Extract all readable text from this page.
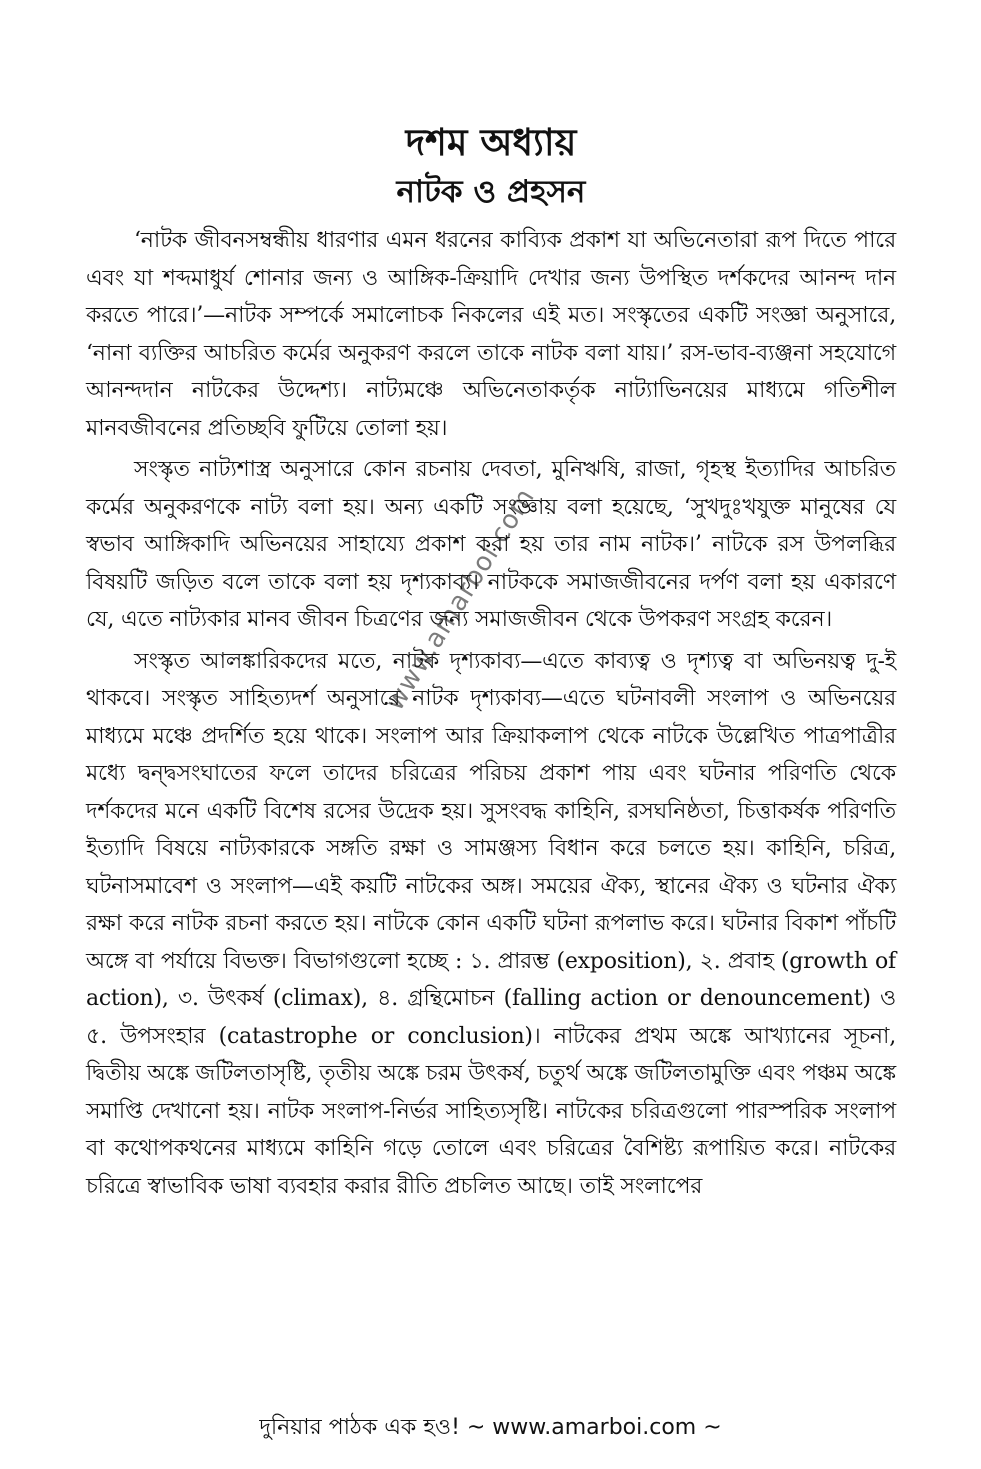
দশম অধ্যায়
নাটক ও প্রহসন

‘নাটক জীবনসম্বন্ধীয় ধারণার এমন ধরনের কাব্যিক প্রকাশ যা অভিনেতারা রূপ দিতে পারে এবং যা শব্দমাধুর্য শোনার জন্য ও আঙ্গিক-ক্রিয়াদি দেখার জন্য উপস্থিত দর্শকদের আনন্দ দান করতে পারে।’—নাটক সম্পর্কে সমালোচক নিকলের এই মত। সংস্কৃতের একটি সংজ্ঞা অনুসারে, ‘নানা ব্যক্তির আচরিত কর্মের অনুকরণ করলে তাকে নাটক বলা যায়।’ রস-ভাব-ব্যঞ্জনা সহযোগে আনন্দদান নাটকের উদ্দেশ্য। নাট্যমঞ্চে অভিনেতাকর্তৃক নাট্যাভিনয়ের মাধ্যমে গতিশীল মানবজীবনের প্রতিচ্ছবি ফুটিয়ে তোলা হয়।

সংস্কৃত নাট্যশাস্ত্র অনুসারে কোন রচনায় দেবতা, মুনিঋষি, রাজা, গৃহস্থ ইত্যাদির আচরিত কর্মের অনুকরণকে নাট্য বলা হয়। অন্য একটি সংজ্ঞায় বলা হয়েছে, ‘সুখদুঃখযুক্ত মানুষের যে স্বভাব আঙ্গিকাদি অভিনয়ের সাহায্যে প্রকাশ করা হয় তার নাম নাটক।’ নাটকে রস উপলব্ধির বিষয়টি জড়িত বলে তাকে বলা হয় দৃশ্যকাব্য। নাটককে সমাজজীবনের দর্পণ বলা হয় একারণে যে, এতে নাট্যকার মানব জীবন চিত্রণের জন্য সমাজজীবন থেকে উপকরণ সংগ্রহ করেন।

সংস্কৃত আলঙ্কারিকদের মতে, নাটক দৃশ্যকাব্য—এতে কাব্যত্ব ও দৃশ্যত্ব বা অভিনয়ত্ব দু-ই থাকবে। সংস্কৃত সাহিত্যদর্শ অনুসারে নাটক দৃশ্যকাব্য—এতে ঘটনাবলী সংলাপ ও অভিনয়ের মাধ্যমে মঞ্চে প্রদর্শিত হয়ে থাকে। সংলাপ আর ক্রিয়াকলাপ থেকে নাটকে উল্লেখিত পাত্রপাত্রীর মধ্যে দ্বন্দ্বসংঘাতের ফলে তাদের চরিত্রের পরিচয় প্রকাশ পায় এবং ঘটনার পরিণতি থেকে দর্শকদের মনে একটি বিশেষ রসের উদ্রেক হয়। সুসংবদ্ধ কাহিনি, রসঘনিষ্ঠতা, চিত্তাকর্ষক পরিণতি ইত্যাদি বিষয়ে নাট্যকারকে সঙ্গতি রক্ষা ও সামঞ্জস্য বিধান করে চলতে হয়। কাহিনি, চরিত্র, ঘটনাসমাবেশ ও সংলাপ—এই কয়টি নাটকের অঙ্গ। সময়ের ঐক্য, স্থানের ঐক্য ও ঘটনার ঐক্য রক্ষা করে নাটক রচনা করতে হয়। নাটকে কোন একটি ঘটনা রূপলাভ করে। ঘটনার বিকাশ পাঁচটি অঙ্গে বা পর্যায়ে বিভক্ত। বিভাগগুলো হচ্ছে : ১. প্রারম্ভ (exposition), ২. প্রবাহ (growth of action), ৩. উৎকর্ষ (climax), ৪. গ্রন্থিমোচন (falling action or denouncement) ও ৫. উপসংহার (catastrophe or conclusion)। নাটকের প্রথম অঙ্কে আখ্যানের সূচনা, দ্বিতীয় অঙ্কে জটিলতাসৃষ্টি, তৃতীয় অঙ্কে চরম উৎকর্ষ, চতুর্থ অঙ্কে জটিলতামুক্তি এবং পঞ্চম অঙ্কে সমাপ্তি দেখানো হয়। নাটক সংলাপ-নির্ভর সাহিত্যসৃষ্টি। নাটকের চরিত্রগুলো পারস্পরিক সংলাপ বা কথোপকথনের মাধ্যমে কাহিনি গড়ে তোলে এবং চরিত্রের বৈশিষ্ট্য রূপায়িত করে। নাটকের চরিত্রে স্বাভাবিক ভাষা ব্যবহার করার রীতি প্রচলিত আছে। তাই সংলাপের

www.amarboi.com
দুনিয়ার পাঠক এক হও! ~ www.amarboi.com ~
